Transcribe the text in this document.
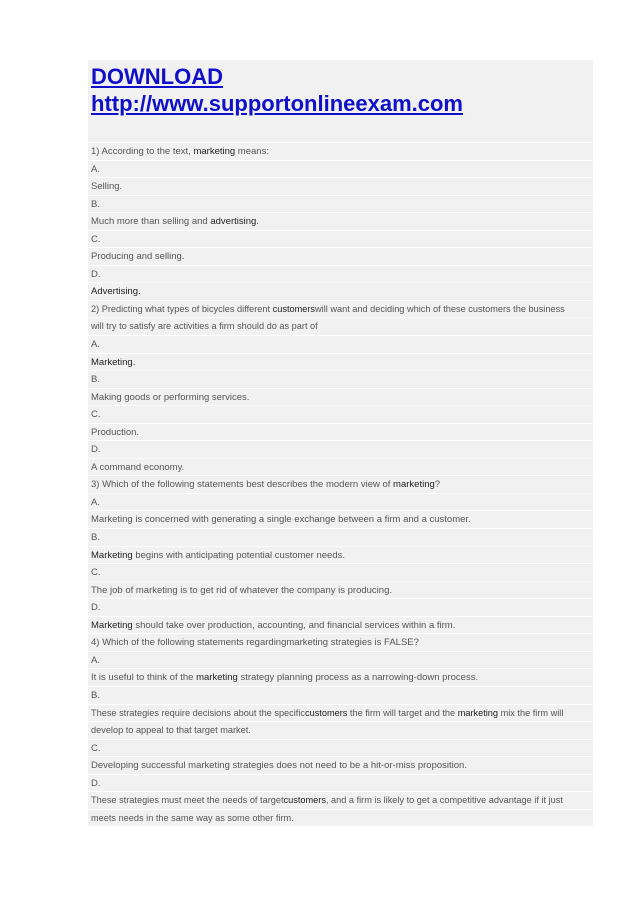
DOWNLOAD
http://www.supportonlineexam.com
1) According to the text, marketing means:
A.
Selling.
B.
Much more than selling and advertising.
C.
Producing and selling.
D.
Advertising.
2) Predicting what types of bicycles different customerswill want and deciding which of these customers the business
will try to satisfy are activities a firm should do as part of
A.
Marketing.
B.
Making goods or performing services.
C.
Production.
D.
A command economy.
3) Which of the following statements best describes the modern view of marketing?
A.
Marketing is concerned with generating a single exchange between a firm and a customer.
B.
Marketing begins with anticipating potential customer needs.
C.
The job of marketing is to get rid of whatever the company is producing.
D.
Marketing should take over production, accounting, and financial services within a firm.
4) Which of the following statements regardingmarketing strategies is FALSE?
A.
It is useful to think of the marketing strategy planning process as a narrowing-down process.
B.
These strategies require decisions about the specificcustomers the firm will target and the marketing mix the firm will
develop to appeal to that target market.
C.
Developing successful marketing strategies does not need to be a hit-or-miss proposition.
D.
These strategies must meet the needs of targetcustomers, and a firm is likely to get a competitive advantage if it just
meets needs in the same way as some other firm.
